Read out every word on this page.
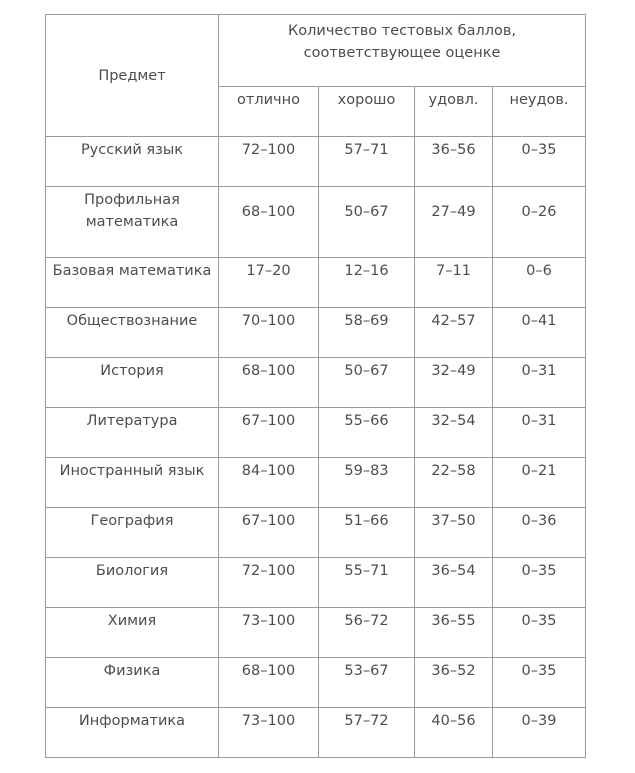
Предмет	Количество тестовых баллов,
соответствующее оценке			
	отлично	хорошо	удовл.	неудов.
Русский язык	72–100	57–71	36–56	0–35
Профильная
математика	68–100	50–67	27–49	0–26
Базовая математика	17–20	12–16	7–11	0–6
Обществознание	70–100	58–69	42–57	0–41
История	68–100	50–67	32–49	0–31
Литература	67–100	55–66	32–54	0–31
Иностранный язык	84–100	59–83	22–58	0–21
География	67–100	51–66	37–50	0–36
Биология	72–100	55–71	36–54	0–35
Химия	73–100	56–72	36–55	0–35
Физика	68–100	53–67	36–52	0–35
Информатика	73–100	57–72	40–56	0–39
